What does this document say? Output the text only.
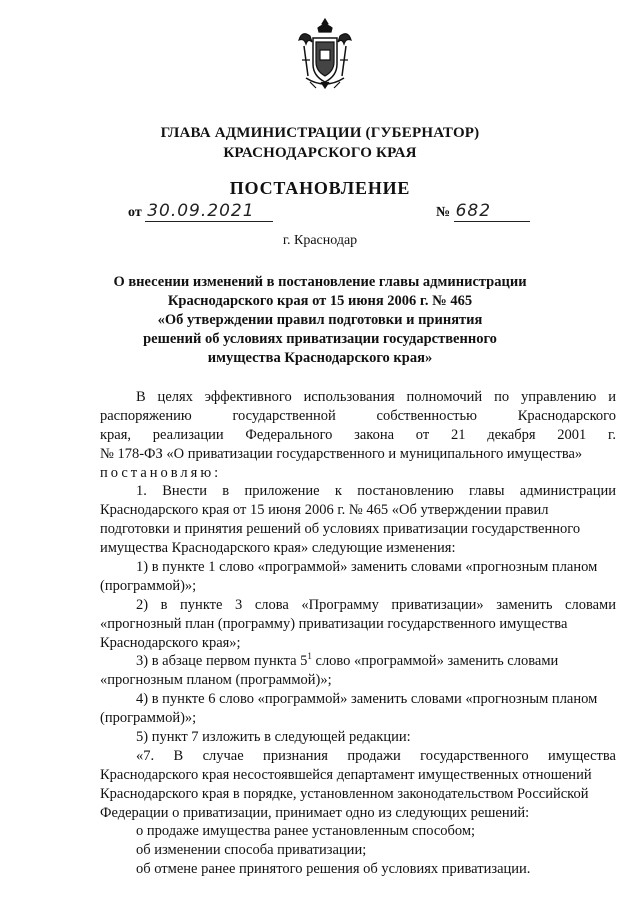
ГЛАВА АДМИНИСТРАЦИИ (ГУБЕРНАТОР)
КРАСНОДАРСКОГО КРАЯ
ПОСТАНОВЛЕНИЕ
от 30.09.2021	№ 682
г. Краснодар
О внесении изменений в постановление главы администрации
Краснодарского края от 15 июня 2006 г. № 465
«Об утверждении правил подготовки и принятия
решений об условиях приватизации государственного
имущества Краснодарского края»
В целях эффективного использования полномочий по управлению и
распоряжению государственной собственностью Краснодарского
края, реализации Федерального закона от 21 декабря 2001 г.
№ 178-ФЗ «О приватизации государственного и муниципального имущества»
постановляю:
1. Внести в приложение к постановлению главы администрации
Краснодарского края от 15 июня 2006 г. № 465 «Об утверждении правил
подготовки и принятия решений об условиях приватизации государственного
имущества Краснодарского края» следующие изменения:
1) в пункте 1 слово «программой» заменить словами «прогнозным планом
(программой)»;
2) в пункте 3 слова «Программу приватизации» заменить словами
«прогнозный план (программу) приватизации государственного имущества
Краснодарского края»;
3) в абзаце первом пункта $5^1$ слово «программой» заменить словами
«прогнозным планом (программой)»;
4) в пункте 6 слово «программой» заменить словами «прогнозным планом
(программой)»;
5) пункт 7 изложить в следующей редакции:
«7. В случае признания продажи государственного имущества
Краснодарского края несостоявшейся департамент имущественных отношений
Краснодарского края в порядке, установленном законодательством Российской
Федерации о приватизации, принимает одно из следующих решений:
о продаже имущества ранее установленным способом;
об изменении способа приватизации;
об отмене ранее принятого решения об условиях приватизации.
